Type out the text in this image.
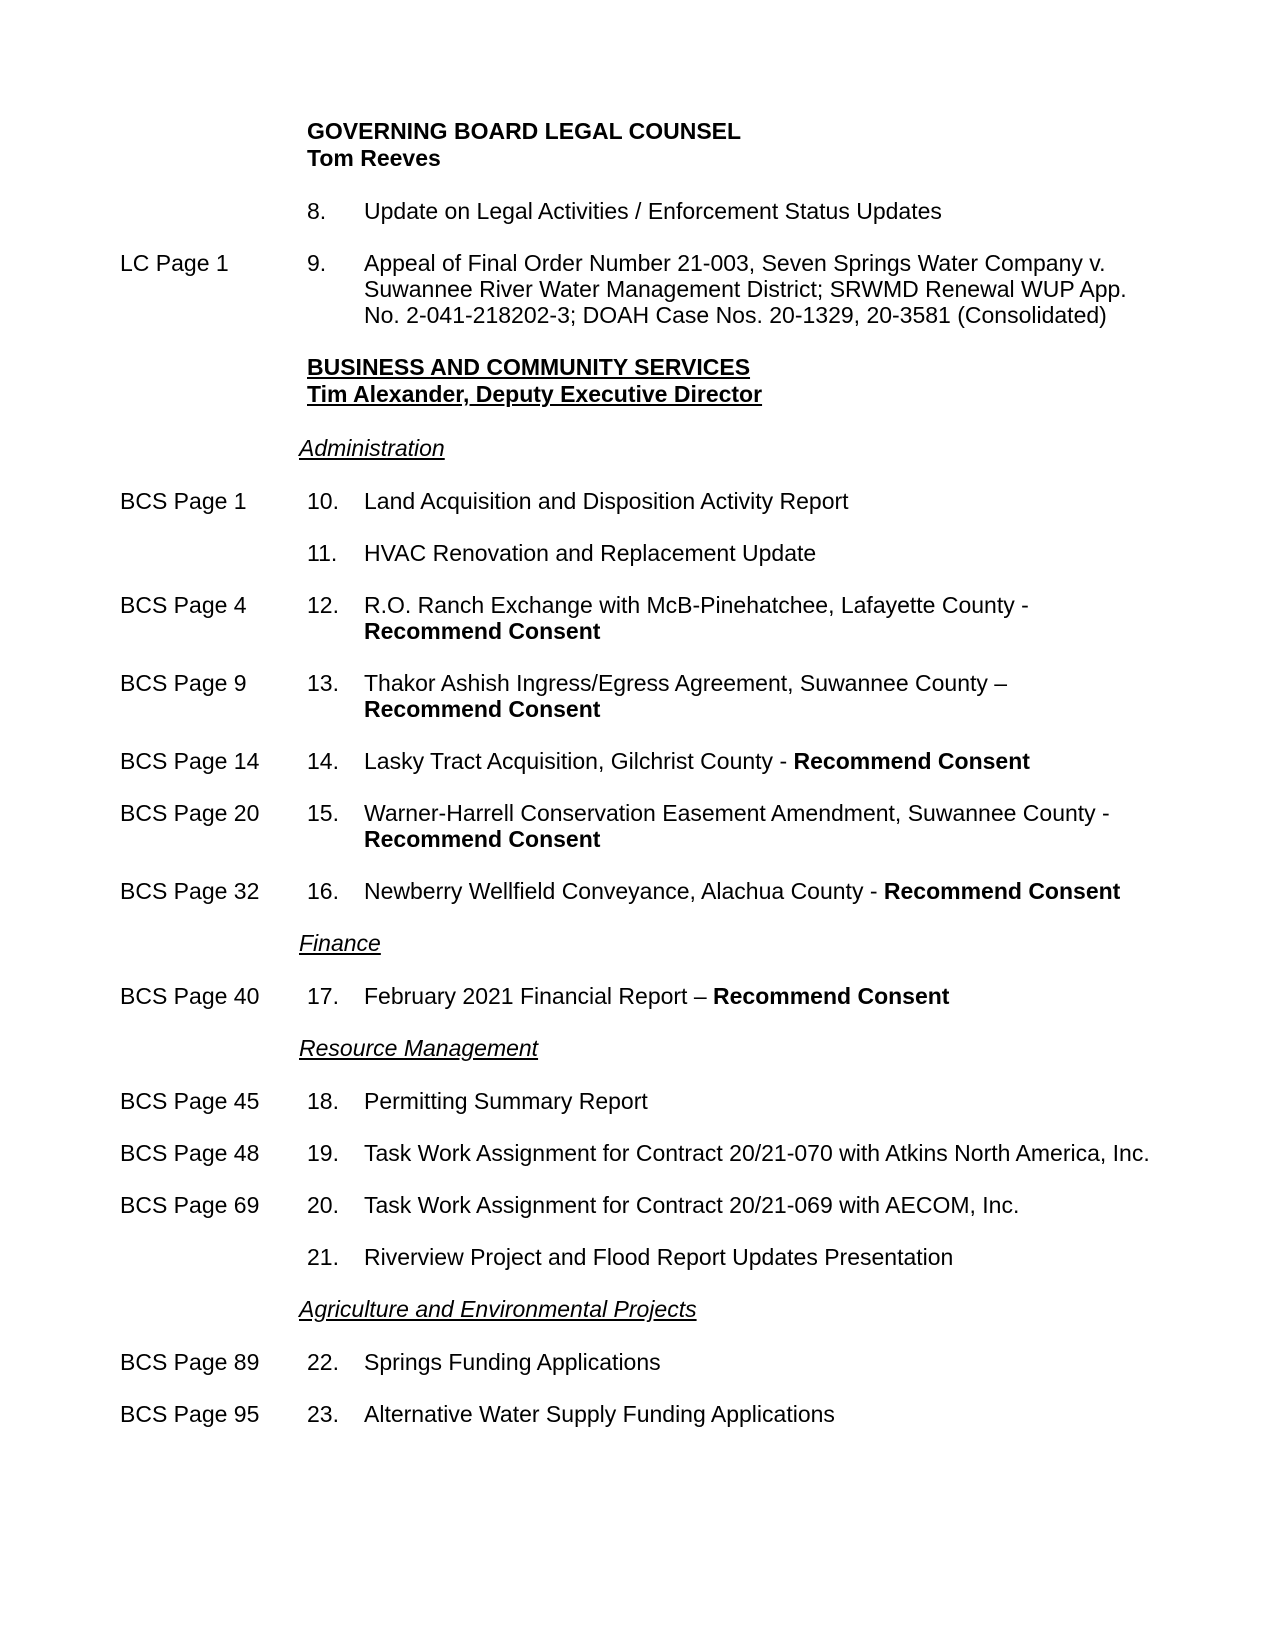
GOVERNING BOARD LEGAL COUNSEL
Tom Reeves
8. Update on Legal Activities / Enforcement Status Updates
LC Page 1	9. Appeal of Final Order Number 21-003, Seven Springs Water Company v.
Suwannee River Water Management District; SRWMD Renewal WUP App.
No. 2-041-218202-3; DOAH Case Nos. 20-1329, 20-3581 (Consolidated)
BUSINESS AND COMMUNITY SERVICES
Tim Alexander, Deputy Executive Director
Administration
BCS Page 1	10. Land Acquisition and Disposition Activity Report
11. HVAC Renovation and Replacement Update
BCS Page 4	12. R.O. Ranch Exchange with McB-Pinehatchee, Lafayette County -
Recommend Consent
BCS Page 9	13. Thakor Ashish Ingress/Egress Agreement, Suwannee County –
Recommend Consent
BCS Page 14 14. Lasky Tract Acquisition, Gilchrist County - Recommend Consent
BCS Page 20 15. Warner-Harrell Conservation Easement Amendment, Suwannee County -
Recommend Consent
BCS Page 32 16. Newberry Wellfield Conveyance, Alachua County - Recommend Consent
Finance
BCS Page 40 17. February 2021 Financial Report – Recommend Consent
Resource Management
BCS Page 45 18. Permitting Summary Report
BCS Page 48 19. Task Work Assignment for Contract 20/21-070 with Atkins North America, Inc.
BCS Page 69 20. Task Work Assignment for Contract 20/21-069 with AECOM, Inc.
21. Riverview Project and Flood Report Updates Presentation
Agriculture and Environmental Projects
BCS Page 89 22. Springs Funding Applications
BCS Page 95 23. Alternative Water Supply Funding Applications
